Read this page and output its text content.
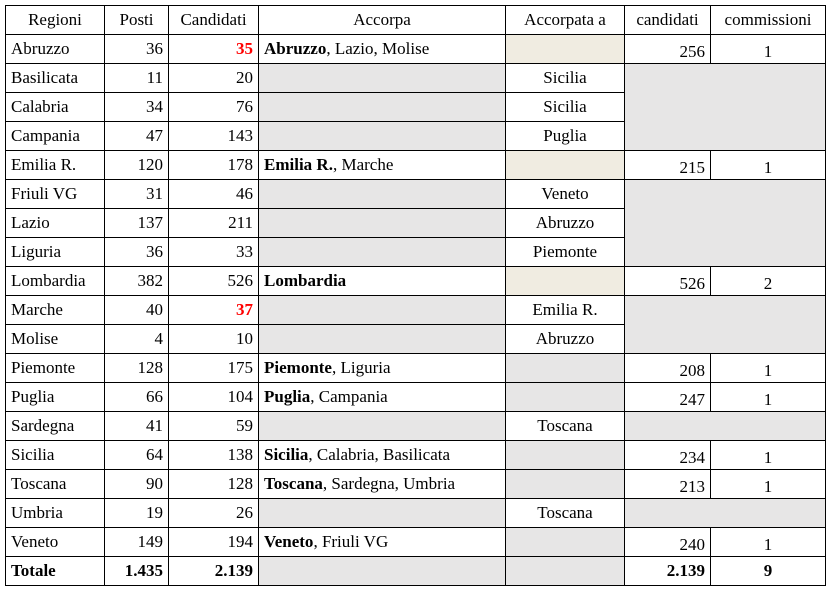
Regioni	Posti	Candidati	Accorpa	Accorpata a	candidati	commissioni
Abruzzo	36	35	Abruzzo, Lazio, Molise		256	1
Basilicata	11	20		Sicilia		
Calabria	34	76		Sicilia		
Campania	47	143		Puglia		
Emilia R.	120	178	Emilia R., Marche		215	1
Friuli VG	31	46		Veneto		
Lazio	137	211		Abruzzo		
Liguria	36	33		Piemonte		
Lombardia	382	526	Lombardia		526	2
Marche	40	37		Emilia R.		
Molise	4	10		Abruzzo		
Piemonte	128	175	Piemonte, Liguria		208	1
Puglia	66	104	Puglia, Campania		247	1
Sardegna	41	59		Toscana		
Sicilia	64	138	Sicilia, Calabria, Basilicata		234	1
Toscana	90	128	Toscana, Sardegna, Umbria		213	1
Umbria	19	26		Toscana		
Veneto	149	194	Veneto, Friuli VG		240	1
Totale	1.435	2.139			2.139	9
